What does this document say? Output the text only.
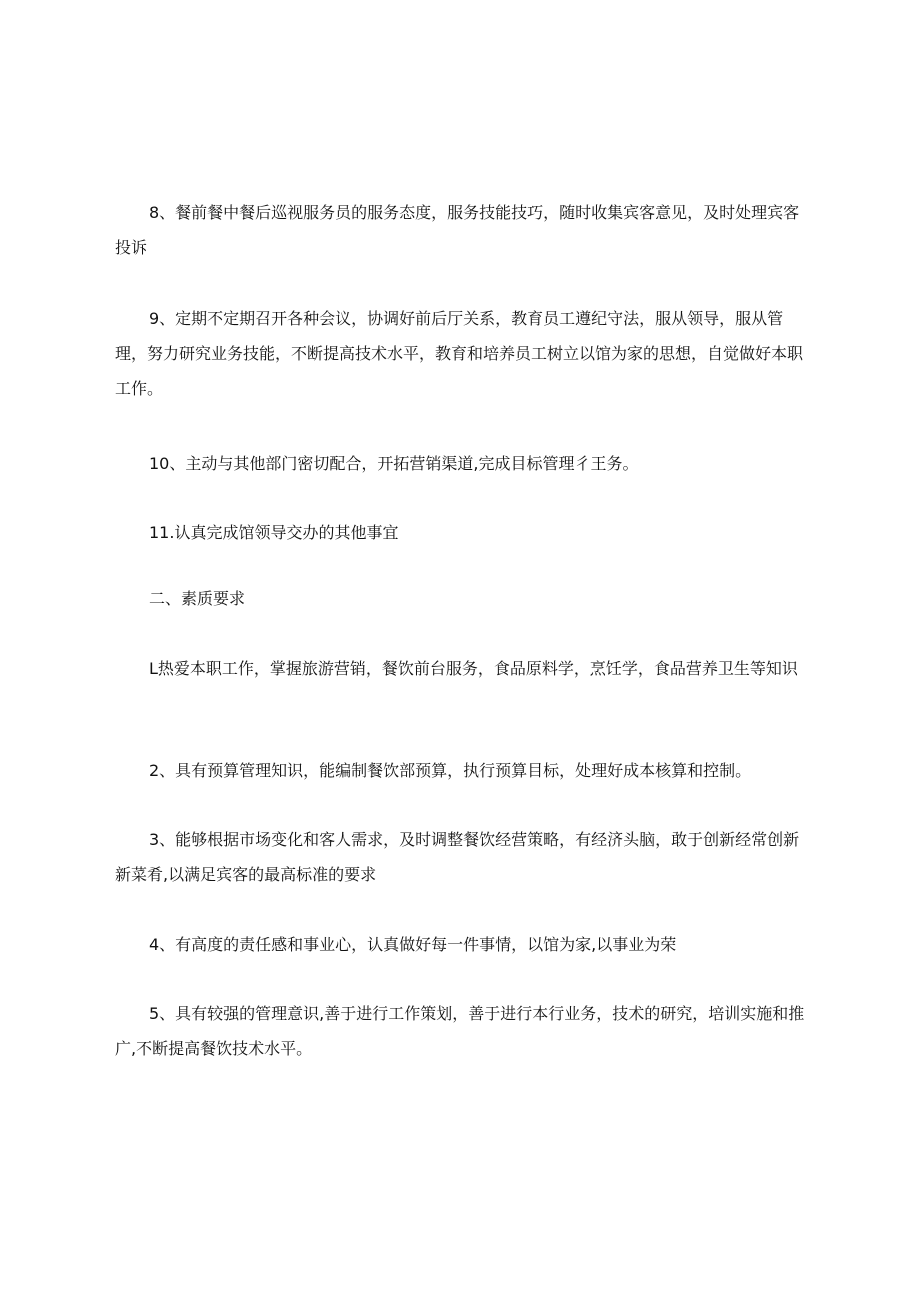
8、餐前餐中餐后巡视服务员的服务态度，服务技能技巧，随时收集宾客意见，及时处理宾客投诉

9、定期不定期召开各种会议，协调好前后厅关系，教育员工遵纪守法，服从领导，服从管理，努力研究业务技能，不断提高技术水平，教育和培养员工树立以馆为家的思想，自觉做好本职工作。

10、主动与其他部门密切配合，开拓营销渠道,完成目标管理彳王务。

11.认真完成馆领导交办的其他事宜

二、素质要求

L热爱本职工作，掌握旅游营销，餐饮前台服务，食品原料学，烹饪学，食品营养卫生等知识

2、具有预算管理知识，能编制餐饮部预算，执行预算目标，处理好成本核算和控制。

3、能够根据市场变化和客人需求，及时调整餐饮经营策略，有经济头脑，敢于创新经常创新新菜肴,以满足宾客的最高标准的要求

4、有高度的责任感和事业心，认真做好每一件事情，以馆为家,以事业为荣

5、具有较强的管理意识,善于进行工作策划，善于进行本行业务，技术的研究，培训实施和推广,不断提高餐饮技术水平。
